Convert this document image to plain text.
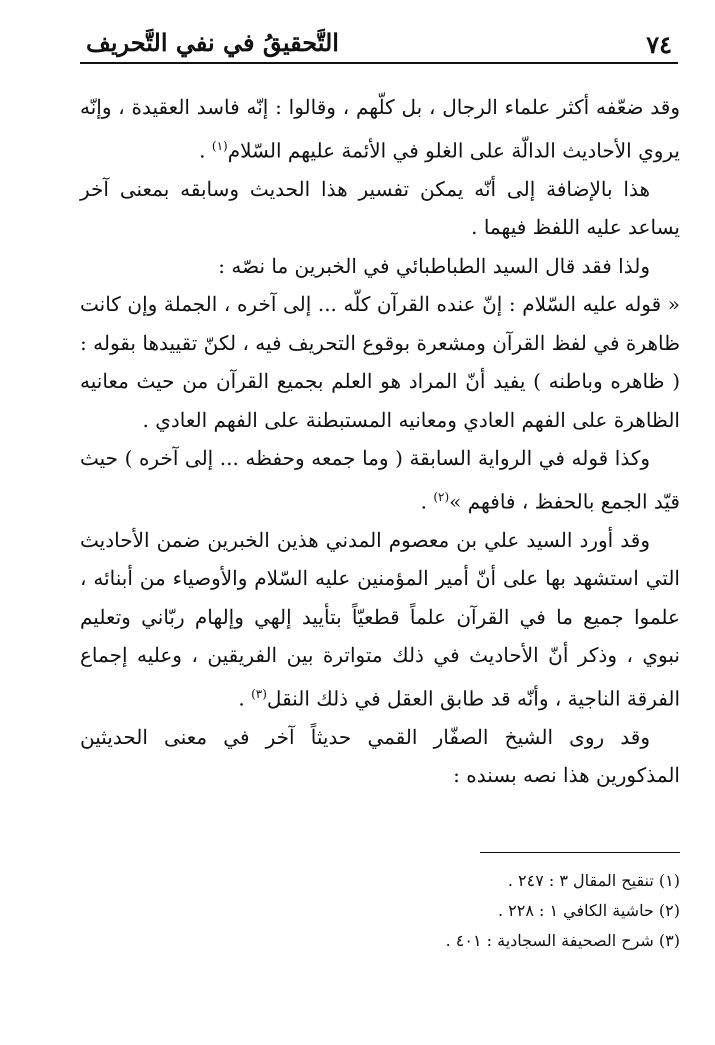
٧٤
التَّحقيقُ في نفي التَّحريف

وقد ضعّفه أكثر علماء الرجال ، بل كلّهم ، وقالوا : إنّه فاسد العقيدة ، وإنّه يروي الأحاديث الدالّة على الغلو في الأئمة عليهم السّلام$^{(١)}$ .

هذا بالإضافة إلى أنّه يمكن تفسير هذا الحديث وسابقه بمعنى آخر يساعد عليه اللفظ فيهما .

ولذا فقد قال السيد الطباطبائي في الخبرين ما نصّه :

« قوله عليه السّلام : إنّ عنده القرآن كلّه ... إلى آخره ، الجملة وإن كانت ظاهرة في لفظ القرآن ومشعرة بوقوع التحريف فيه ، لكنّ تقييدها بقوله : ( ظاهره وباطنه ) يفيد أنّ المراد هو العلم بجميع القرآن من حيث معانيه الظاهرة على الفهم العادي ومعانيه المستبطنة على الفهم العادي .

وكذا قوله في الرواية السابقة ( وما جمعه وحفظه ... إلى آخره ) حيث قيّد الجمع بالحفظ ، فافهم »$^{(٢)}$ .

وقد أورد السيد علي بن معصوم المدني هذين الخبرين ضمن الأحاديث التي استشهد بها على أنّ أمير المؤمنين عليه السّلام والأوصياء من أبنائه ، علموا جميع ما في القرآن علماً قطعيّاً بتأييد إلهي وإلهام ربّاني وتعليم نبوي ، وذكر أنّ الأحاديث في ذلك متواترة بين الفريقين ، وعليه إجماع الفرقة الناجية ، وأنّه قد طابق العقل في ذلك النقل$^{(٣)}$ .

وقد روى الشيخ الصفّار القمي حديثاً آخر في معنى الحديثين المذكورين هذا نصه بسنده :

(١) تنقيح المقال ٣ : ٢٤٧ .
(٢) حاشية الكافي ١ : ٢٢٨ .
(٣) شرح الصحيفة السجادية : ٤٠١ .
